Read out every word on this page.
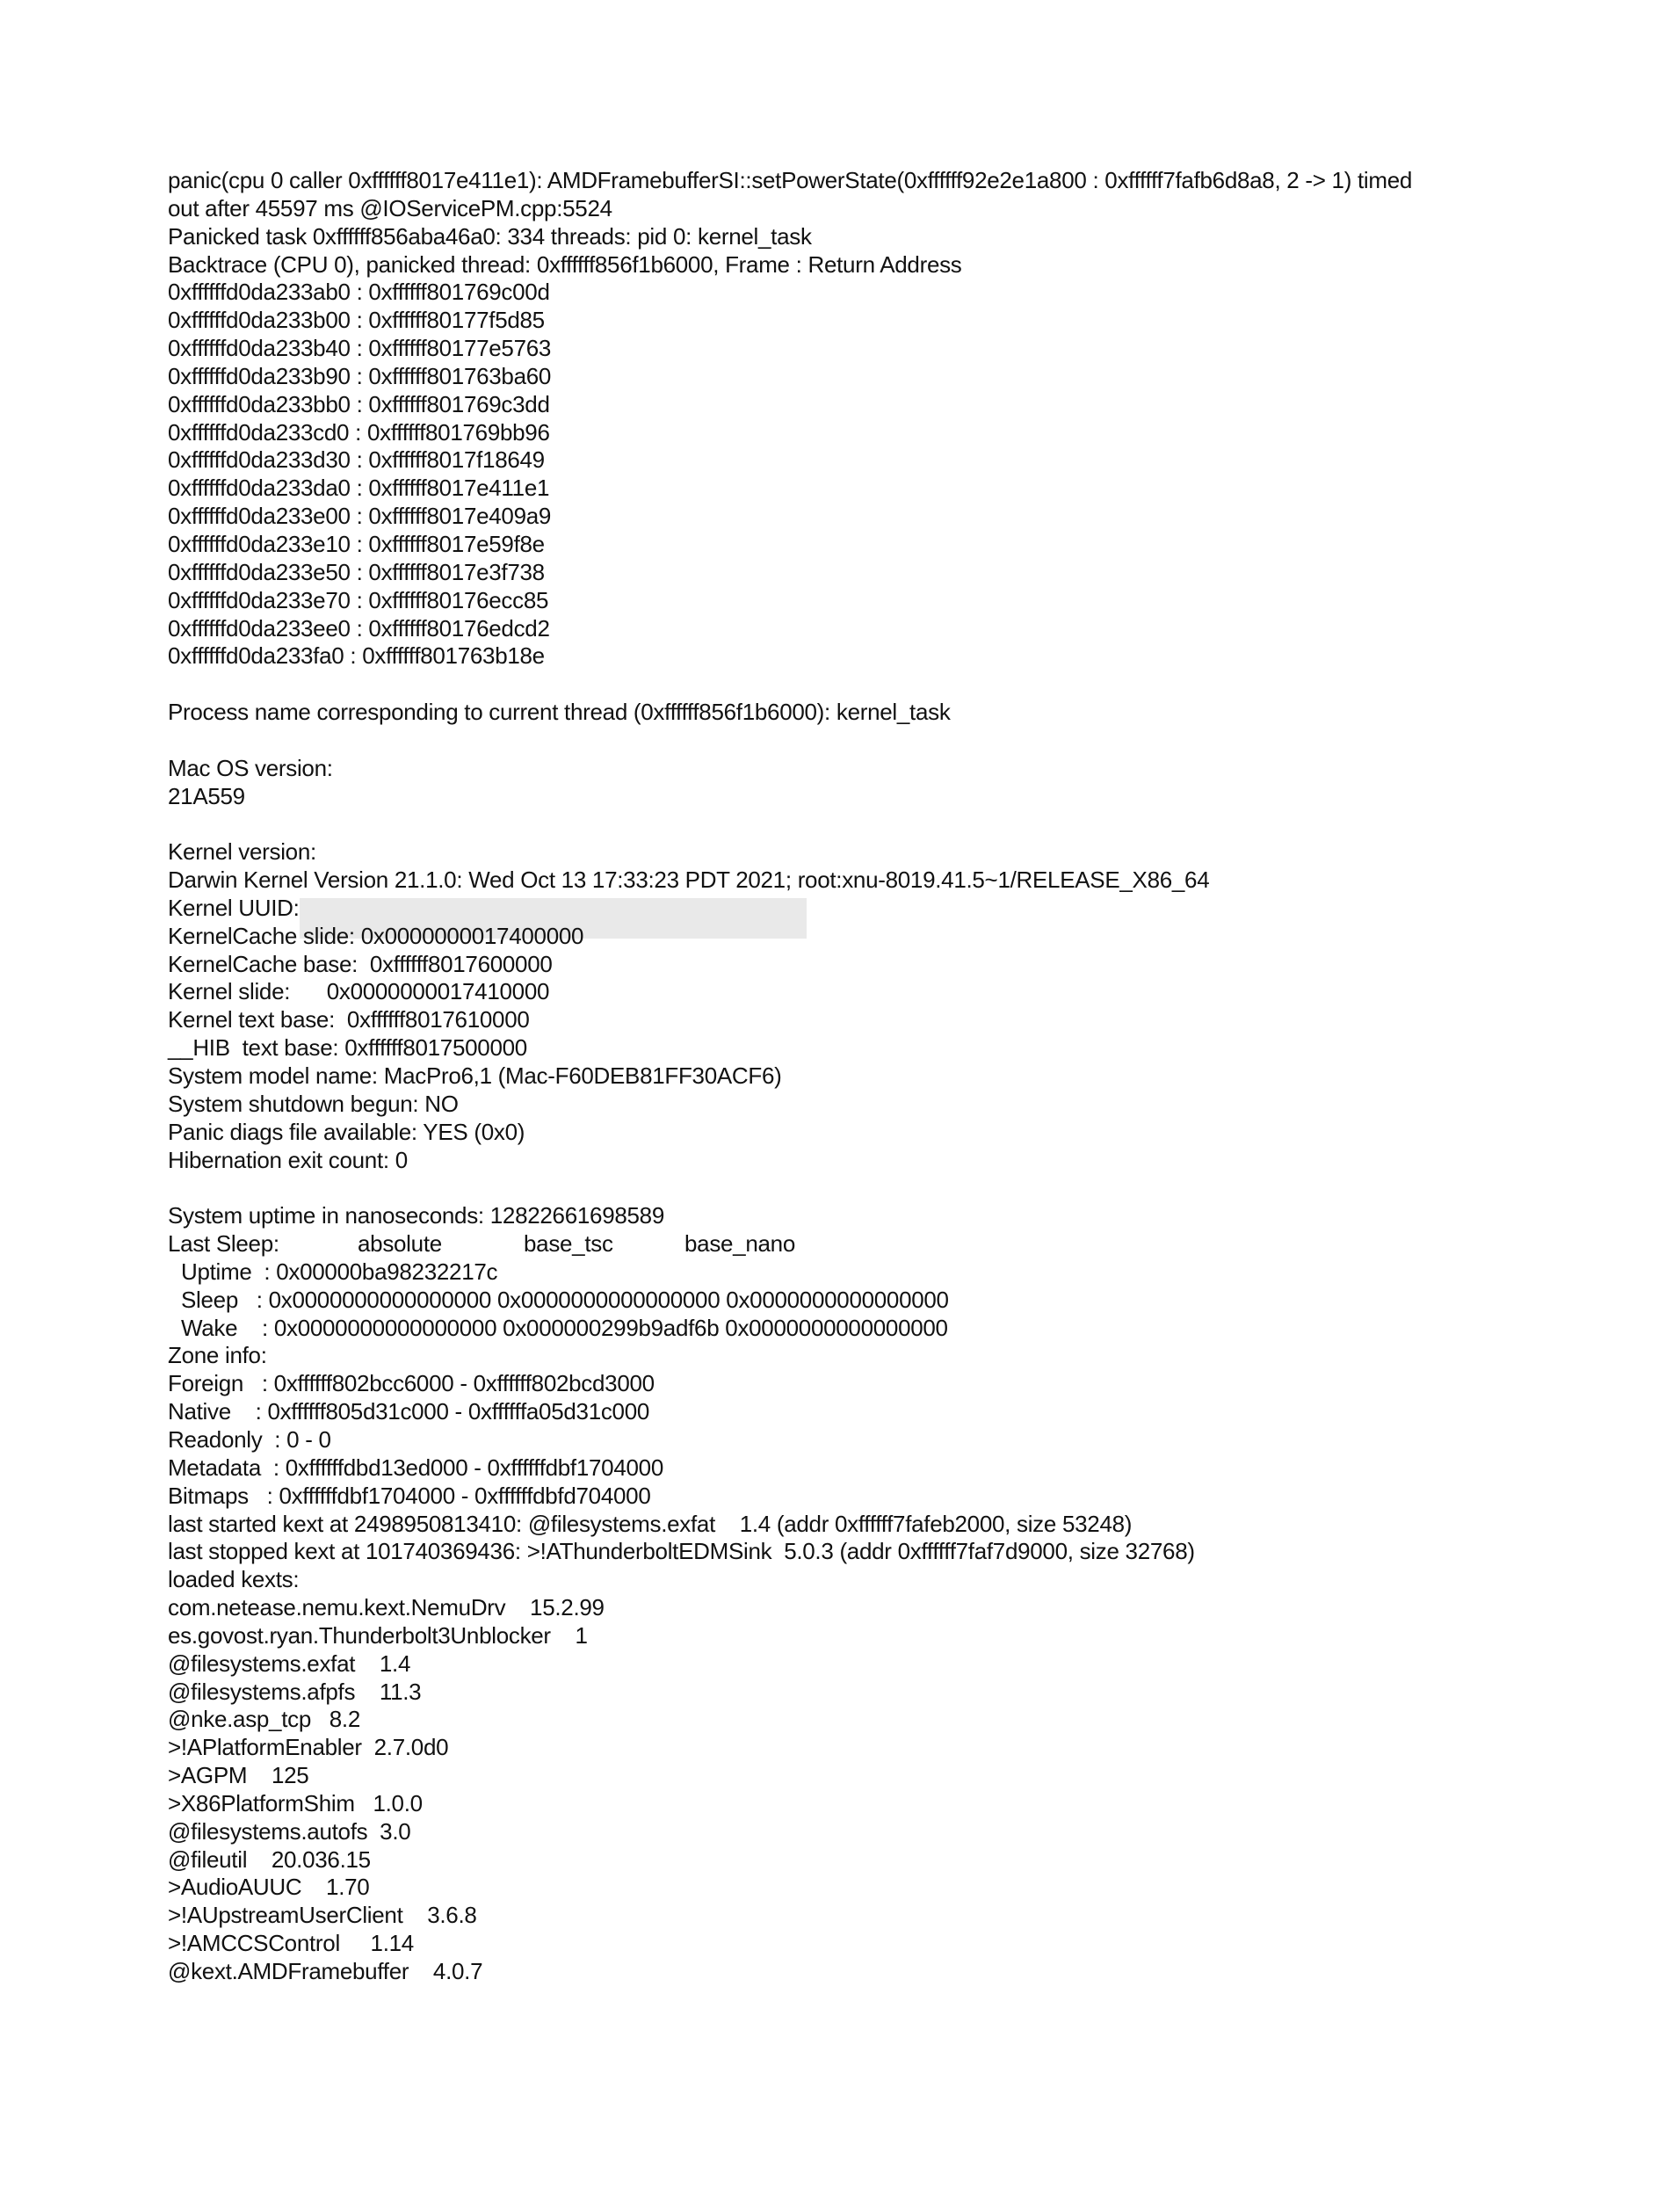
panic(cpu 0 caller 0xffffff8017e411e1): AMDFramebufferSI::setPowerState(0xffffff92e2e1a800 : 0xffffff7fafb6d8a8, 2 -> 1) timed
out after 45597 ms @IOServicePM.cpp:5524
Panicked task 0xffffff856aba46a0: 334 threads: pid 0: kernel_task
Backtrace (CPU 0), panicked thread: 0xffffff856f1b6000, Frame : Return Address
0xffffffd0da233ab0 : 0xffffff801769c00d
0xffffffd0da233b00 : 0xffffff80177f5d85
0xffffffd0da233b40 : 0xffffff80177e5763
0xffffffd0da233b90 : 0xffffff801763ba60
0xffffffd0da233bb0 : 0xffffff801769c3dd
0xffffffd0da233cd0 : 0xffffff801769bb96
0xffffffd0da233d30 : 0xffffff8017f18649
0xffffffd0da233da0 : 0xffffff8017e411e1
0xffffffd0da233e00 : 0xffffff8017e409a9
0xffffffd0da233e10 : 0xffffff8017e59f8e
0xffffffd0da233e50 : 0xffffff8017e3f738
0xffffffd0da233e70 : 0xffffff80176ecc85
0xffffffd0da233ee0 : 0xffffff80176edcd2
0xffffffd0da233fa0 : 0xffffff801763b18e
Process name corresponding to current thread (0xffffff856f1b6000): kernel_task
Mac OS version:
21A559
Kernel version:
Darwin Kernel Version 21.1.0: Wed Oct 13 17:33:23 PDT 2021; root:xnu-8019.41.5~1/RELEASE_X86_64
Kernel UUID:
KernelCache slide: 0x0000000017400000
KernelCache base:  0xffffff8017600000
Kernel slide:      0x0000000017410000
Kernel text base:  0xffffff8017610000
__HIB  text base: 0xffffff8017500000
System model name: MacPro6,1 (Mac-F60DEB81FF30ACF6)
System shutdown begun: NO
Panic diags file available: YES (0x0)
Hibernation exit count: 0
System uptime in nanoseconds: 12822661698589
Last Sleep:	absolute	base_tsc	base_nano
Uptime  : 0x00000ba98232217c
Sleep   : 0x0000000000000000 0x0000000000000000 0x0000000000000000
Wake    : 0x0000000000000000 0x000000299b9adf6b 0x0000000000000000
Zone info:
Foreign   : 0xffffff802bcc6000 - 0xffffff802bcd3000
Native    : 0xffffff805d31c000 - 0xffffffa05d31c000
Readonly  : 0 - 0
Metadata  : 0xffffffdbd13ed000 - 0xffffffdbf1704000
Bitmaps   : 0xffffffdbf1704000 - 0xffffffdbfd704000
last started kext at 2498950813410: @filesystems.exfat    1.4 (addr 0xffffff7fafeb2000, size 53248)
last stopped kext at 101740369436: >!AThunderboltEDMSink  5.0.3 (addr 0xffffff7faf7d9000, size 32768)
loaded kexts:
com.netease.nemu.kext.NemuDrv    15.2.99
es.govost.ryan.Thunderbolt3Unblocker    1
@filesystems.exfat    1.4
@filesystems.afpfs    11.3
@nke.asp_tcp   8.2
>!APlatformEnabler  2.7.0d0
>AGPM    125
>X86PlatformShim   1.0.0
@filesystems.autofs  3.0
@fileutil    20.036.15
>AudioAUUC    1.70
>!AUpstreamUserClient    3.6.8
>!AMCCSControl     1.14
@kext.AMDFramebuffer    4.0.7
